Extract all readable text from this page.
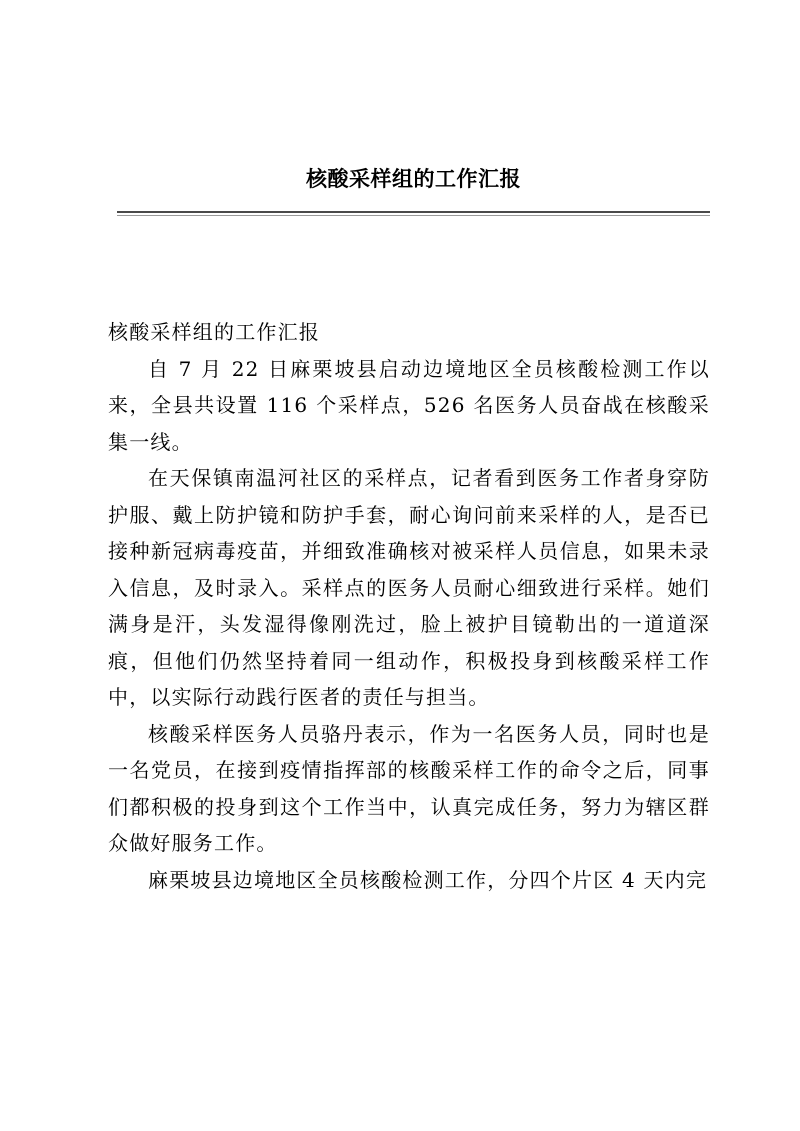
核酸采样组的工作汇报

核酸采样组的工作汇报

自 7 月 22 日麻栗坡县启动边境地区全员核酸检测工作以来，全县共设置 116 个采样点，526 名医务人员奋战在核酸采集一线。

在天保镇南温河社区的采样点，记者看到医务工作者身穿防护服、戴上防护镜和防护手套，耐心询问前来采样的人，是否已接种新冠病毒疫苗，并细致准确核对被采样人员信息，如果未录入信息，及时录入。采样点的医务人员耐心细致进行采样。她们满身是汗，头发湿得像刚洗过，脸上被护目镜勒出的一道道深痕，但他们仍然坚持着同一组动作，积极投身到核酸采样工作中，以实际行动践行医者的责任与担当。

核酸采样医务人员骆丹表示，作为一名医务人员，同时也是一名党员，在接到疫情指挥部的核酸采样工作的命令之后，同事们都积极的投身到这个工作当中，认真完成任务，努力为辖区群众做好服务工作。

麻栗坡县边境地区全员核酸检测工作，分四个片区 4 天内完
